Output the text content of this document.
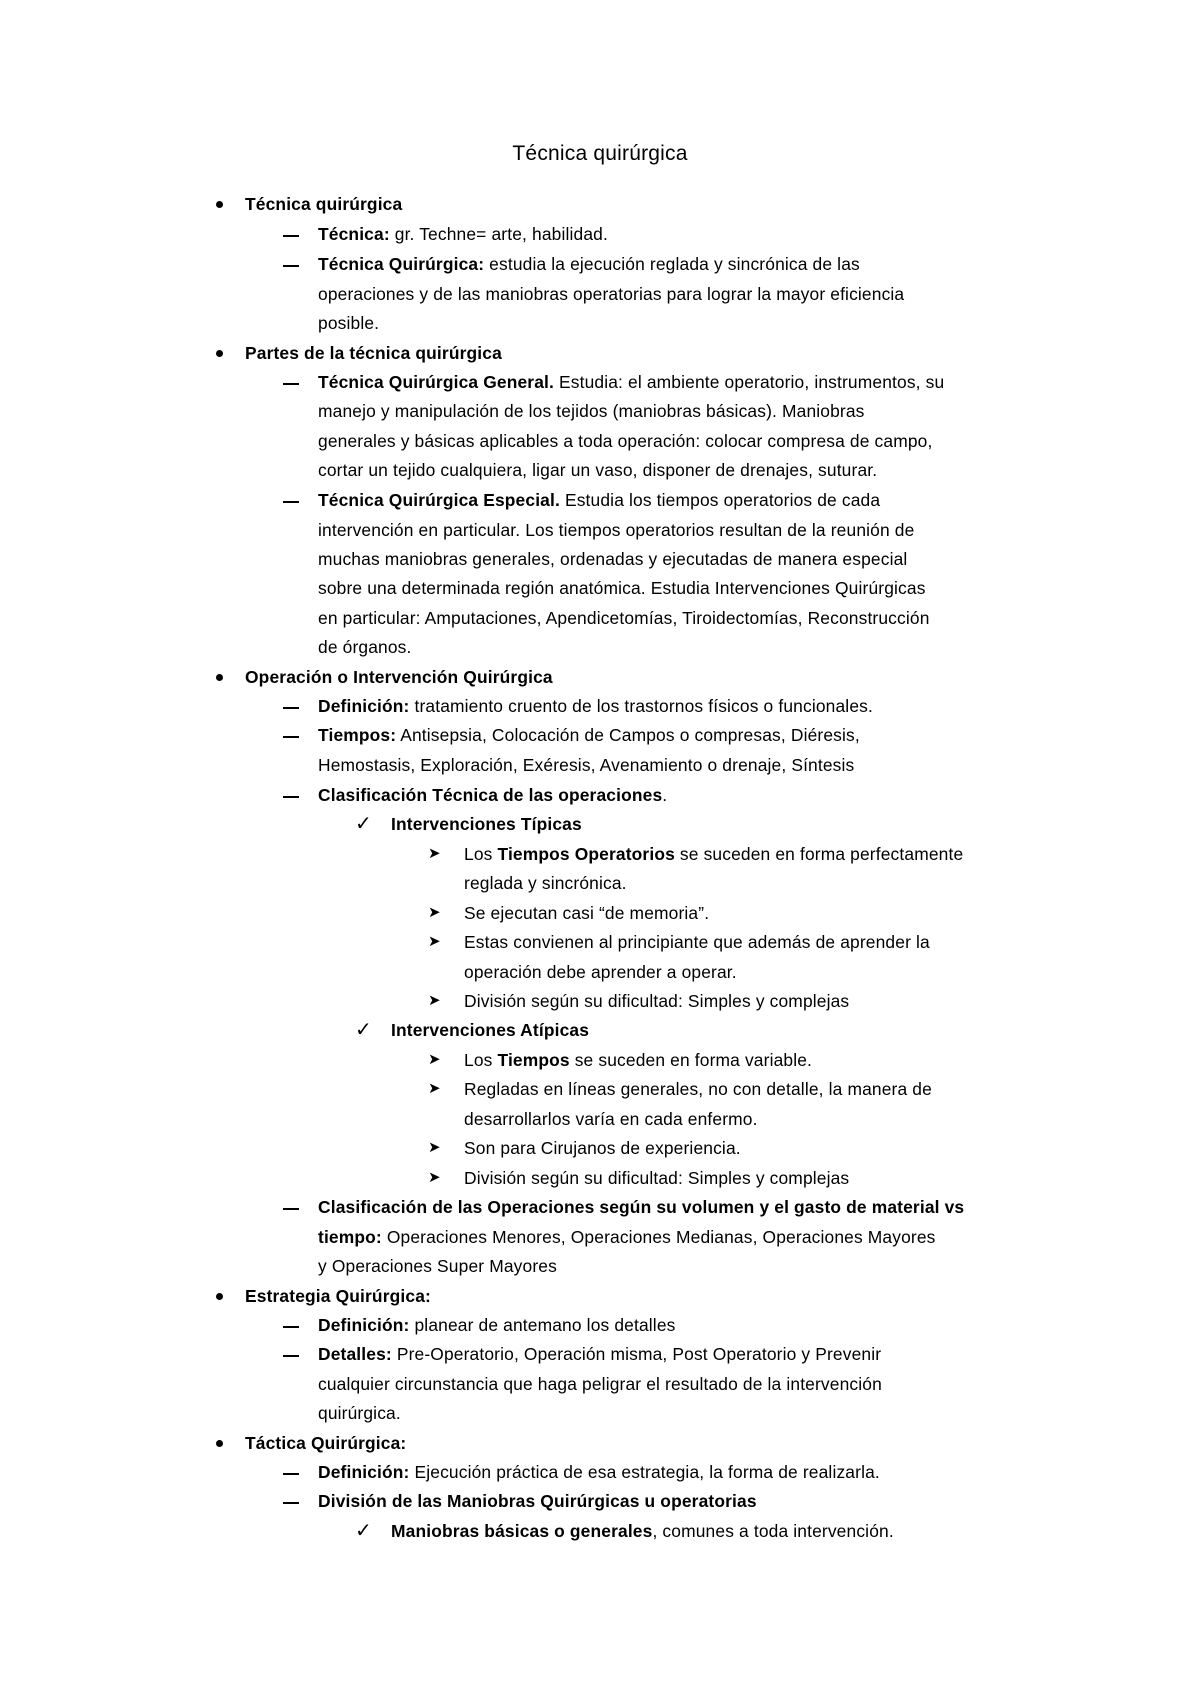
Técnica quirúrgica
Técnica quirúrgica
Técnica: gr. Techne= arte, habilidad.
Técnica Quirúrgica: estudia la ejecución reglada y sincrónica de las
operaciones y de las maniobras operatorias para lograr la mayor eficiencia
posible.
Partes de la técnica quirúrgica
Técnica Quirúrgica General. Estudia: el ambiente operatorio, instrumentos, su
manejo y manipulación de los tejidos (maniobras básicas). Maniobras
generales y básicas aplicables a toda operación: colocar compresa de campo,
cortar un tejido cualquiera, ligar un vaso, disponer de drenajes, suturar.
Técnica Quirúrgica Especial. Estudia los tiempos operatorios de cada
intervención en particular. Los tiempos operatorios resultan de la reunión de
muchas maniobras generales, ordenadas y ejecutadas de manera especial
sobre una determinada región anatómica. Estudia Intervenciones Quirúrgicas
en particular: Amputaciones, Apendicetomías, Tiroidectomías, Reconstrucción
de órganos.
Operación o Intervención Quirúrgica
Definición: tratamiento cruento de los trastornos físicos o funcionales.
Tiempos: Antisepsia, Colocación de Campos o compresas, Diéresis,
Hemostasis, Exploración, Exéresis, Avenamiento o drenaje, Síntesis
Clasificación Técnica de las operaciones.
✓ Intervenciones Típicas
➤ Los Tiempos Operatorios se suceden en forma perfectamente
reglada y sincrónica.
➤ Se ejecutan casi “de memoria”.
➤ Estas convienen al principiante que además de aprender la
operación debe aprender a operar.
➤ División según su dificultad: Simples y complejas
✓ Intervenciones Atípicas
➤ Los Tiempos se suceden en forma variable.
➤ Regladas en líneas generales, no con detalle, la manera de
desarrollarlos varía en cada enfermo.
➤ Son para Cirujanos de experiencia.
➤ División según su dificultad: Simples y complejas
Clasificación de las Operaciones según su volumen y el gasto de material vs
tiempo: Operaciones Menores, Operaciones Medianas, Operaciones Mayores
y Operaciones Super Mayores
Estrategia Quirúrgica:
Definición: planear de antemano los detalles
Detalles: Pre-Operatorio, Operación misma, Post Operatorio y Prevenir
cualquier circunstancia que haga peligrar el resultado de la intervención
quirúrgica.
Táctica Quirúrgica:
Definición: Ejecución práctica de esa estrategia, la forma de realizarla.
División de las Maniobras Quirúrgicas u operatorias
✓ Maniobras básicas o generales, comunes a toda intervención.
